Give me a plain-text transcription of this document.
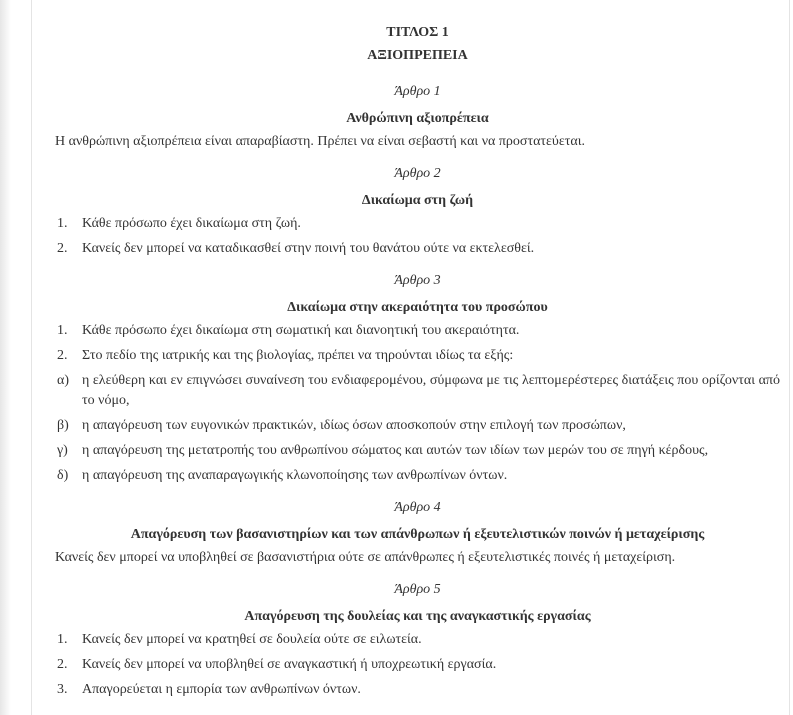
ΤΙΤΛΟΣ 1

ΑΞΙΟΠΡΕΠΕΙΑ

Άρθρο 1

Ανθρώπινη αξιοπρέπεια

Η ανθρώπινη αξιοπρέπεια είναι απαραβίαστη. Πρέπει να είναι σεβαστή και να προστατεύεται.

Άρθρο 2

Δικαίωμα στη ζωή

1.	Κάθε πρόσωπο έχει δικαίωμα στη ζωή.
2.	Κανείς δεν μπορεί να καταδικασθεί στην ποινή του θανάτου ούτε να εκτελεσθεί.

Άρθρο 3

Δικαίωμα στην ακεραιότητα του προσώπου

1.	Κάθε πρόσωπο έχει δικαίωμα στη σωματική και διανοητική του ακεραιότητα.
2.	Στο πεδίο της ιατρικής και της βιολογίας, πρέπει να τηρούνται ιδίως τα εξής:
α) η ελεύθερη και εν επιγνώσει συναίνεση του ενδιαφερομένου, σύμφωνα με τις λεπτομερέστερες διατάξεις που ορίζονται από το νόμο,
β) η απαγόρευση των ευγονικών πρακτικών, ιδίως όσων αποσκοπούν στην επιλογή των προσώπων,
γ)	η απαγόρευση της μετατροπής του ανθρωπίνου σώματος και αυτών των ιδίων των μερών του σε πηγή κέρδους,
δ) η απαγόρευση της αναπαραγωγικής κλωνοποίησης των ανθρωπίνων όντων.

Άρθρο 4

Απαγόρευση των βασανιστηρίων και των απάνθρωπων ή εξευτελιστικών ποινών ή μεταχείρισης

Κανείς δεν μπορεί να υποβληθεί σε βασανιστήρια ούτε σε απάνθρωπες ή εξευτελιστικές ποινές ή μεταχείριση.

Άρθρο 5

Απαγόρευση της δουλείας και της αναγκαστικής εργασίας

1.	Κανείς δεν μπορεί να κρατηθεί σε δουλεία ούτε σε ειλωτεία.
2.	Κανείς δεν μπορεί να υποβληθεί σε αναγκαστική ή υποχρεωτική εργασία.
3.	Απαγορεύεται η εμπορία των ανθρωπίνων όντων.
